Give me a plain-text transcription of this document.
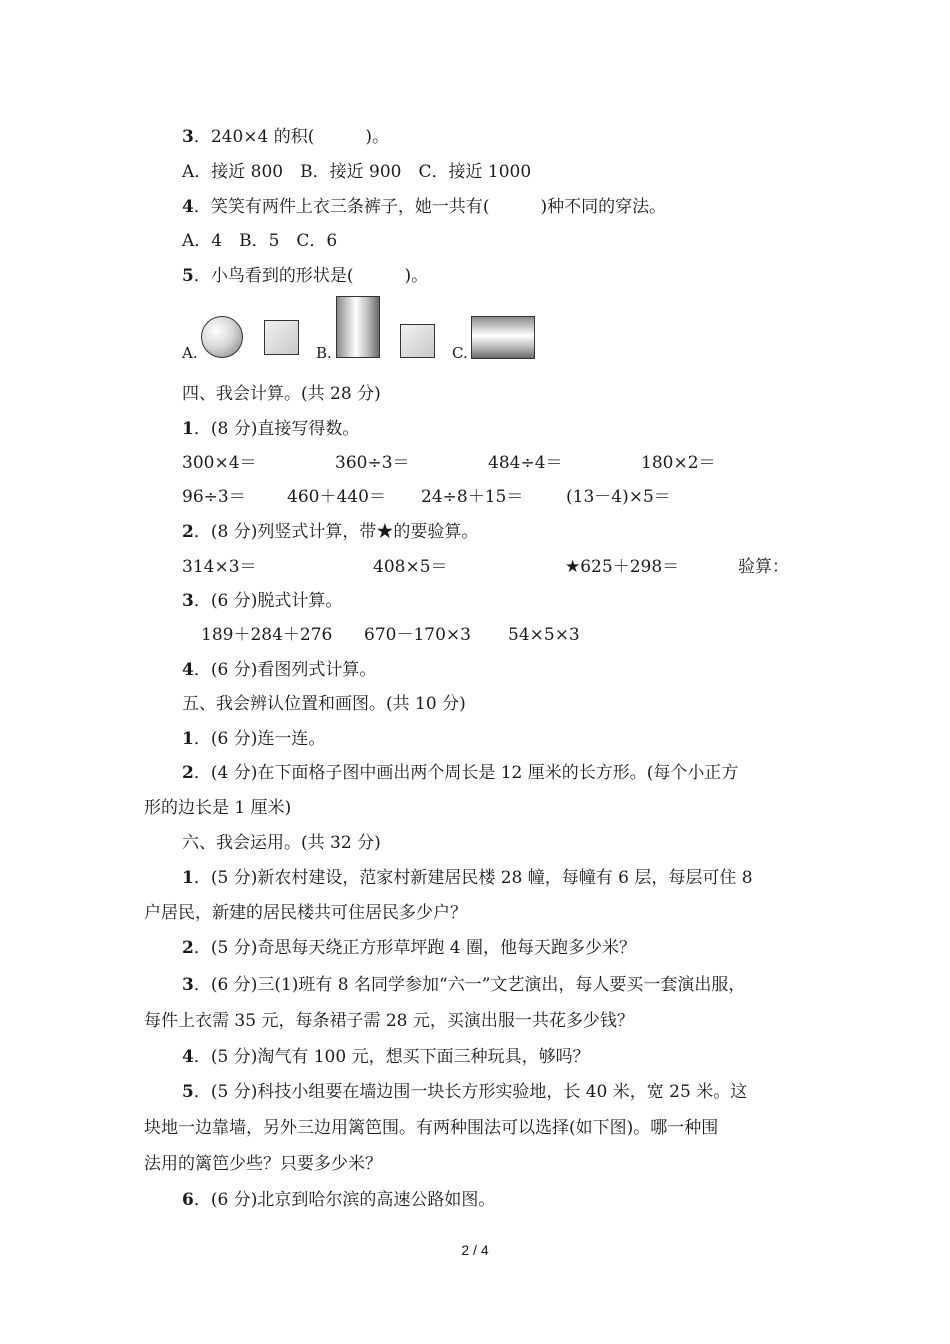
3．240×4 的积(　　　)。
A．接近 800　B．接近 900　C．接近 1000
4．笑笑有两件上衣三条裤子，她一共有(　　　)种不同的穿法。
A．4　B．5　C．6
5．小鸟看到的形状是(　　　)。
A.	B.	C.
四、我会计算。(共 28 分)
1．(8 分)直接写得数。
300×4＝	360÷3＝	484÷4＝	180×2＝
96÷3＝ 460＋440＝ 24÷8＋15＝	(13－4)×5＝
2．(8 分)列竖式计算，带★的要验算。
314×3＝	408×5＝	★625＋298＝	验算：
3．(6 分)脱式计算。
189＋284＋276 670－170×3 54×5×3
4．(6 分)看图列式计算。
五、我会辨认位置和画图。(共 10 分)
1．(6 分)连一连。
2．(4 分)在下面格子图中画出两个周长是 12 厘米的长方形。(每个小正方
形的边长是 1 厘米)
六、我会运用。(共 32 分)
1．(5 分)新农村建设，范家村新建居民楼 28 幢，每幢有 6 层，每层可住 8
户居民，新建的居民楼共可住居民多少户？
2．(5 分)奇思每天绕正方形草坪跑 4 圈，他每天跑多少米？
3．(6 分)三(1)班有 8 名同学参加“六一”文艺演出，每人要买一套演出服，
每件上衣需 35 元，每条裙子需 28 元，买演出服一共花多少钱？
4．(5 分)淘气有 100 元，想买下面三种玩具，够吗？
5．(5 分)科技小组要在墙边围一块长方形实验地，长 40 米，宽 25 米。这
块地一边靠墙，另外三边用篱笆围。有两种围法可以选择(如下图)。哪一种围
法用的篱笆少些？只要多少米？
6．(6 分)北京到哈尔滨的高速公路如图。
2 / 4
